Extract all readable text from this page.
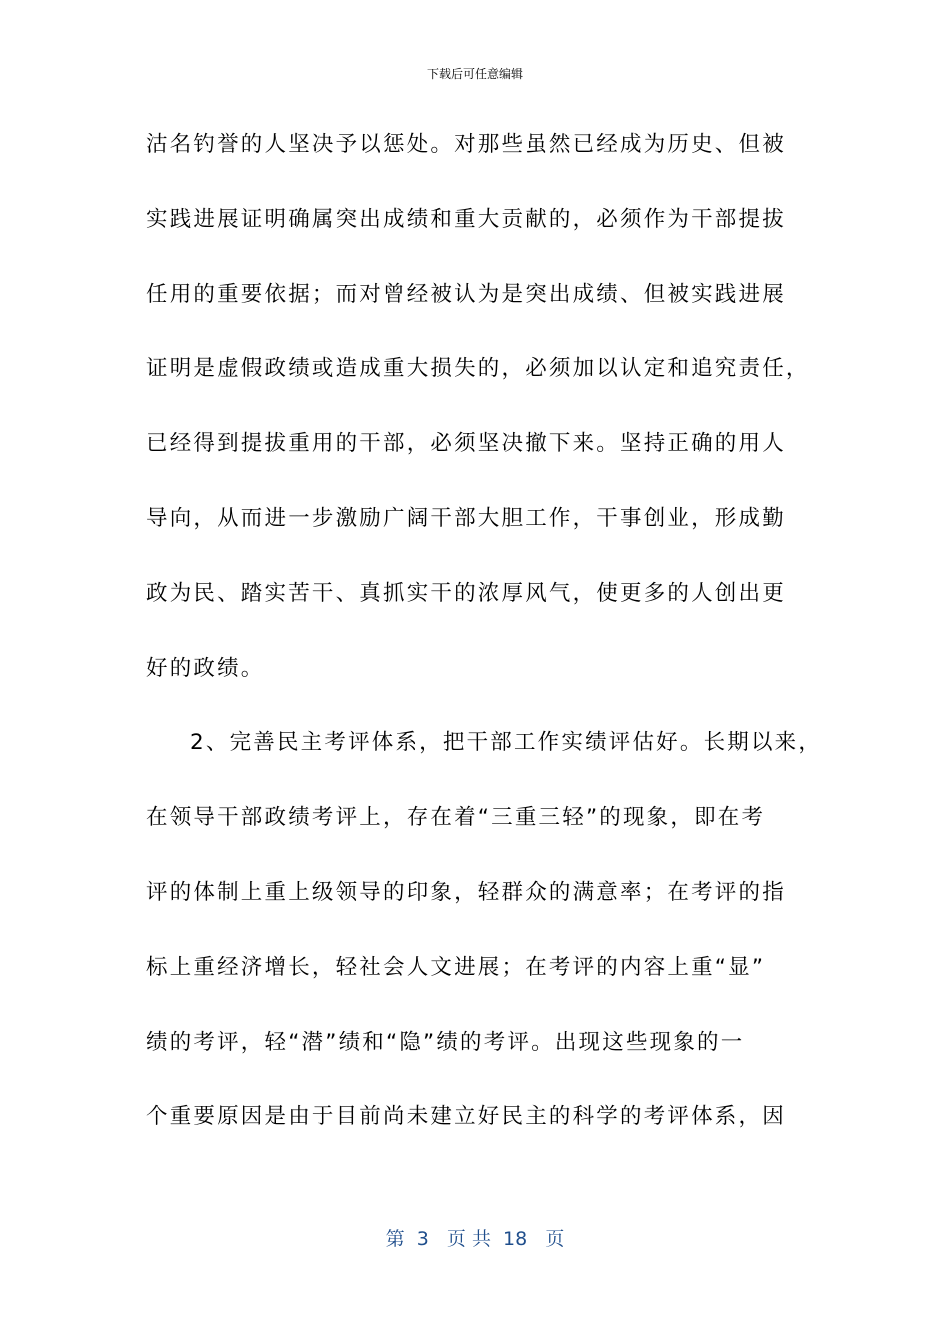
下载后可任意编辑
沽名钓誉的人坚决予以惩处。对那些虽然已经成为历史、但被
实践进展证明确属突出成绩和重大贡献的，必须作为干部提拔
任用的重要依据；而对曾经被认为是突出成绩、但被实践进展
证明是虚假政绩或造成重大损失的，必须加以认定和追究责任，
已经得到提拔重用的干部，必须坚决撤下来。坚持正确的用人
导向，从而进一步激励广阔干部大胆工作，干事创业，形成勤
政为民、踏实苦干、真抓实干的浓厚风气，使更多的人创出更
好的政绩。
2、完善民主考评体系，把干部工作实绩评估好。长期以来，
在领导干部政绩考评上，存在着“三重三轻”的现象，即在考
评的体制上重上级领导的印象，轻群众的满意率；在考评的指
标上重经济增长，轻社会人文进展；在考评的内容上重“显”
绩的考评，轻“潜”绩和“隐”绩的考评。出现这些现象的一
个重要原因是由于目前尚未建立好民主的科学的考评体系，因
第  3   页 共  18   页
